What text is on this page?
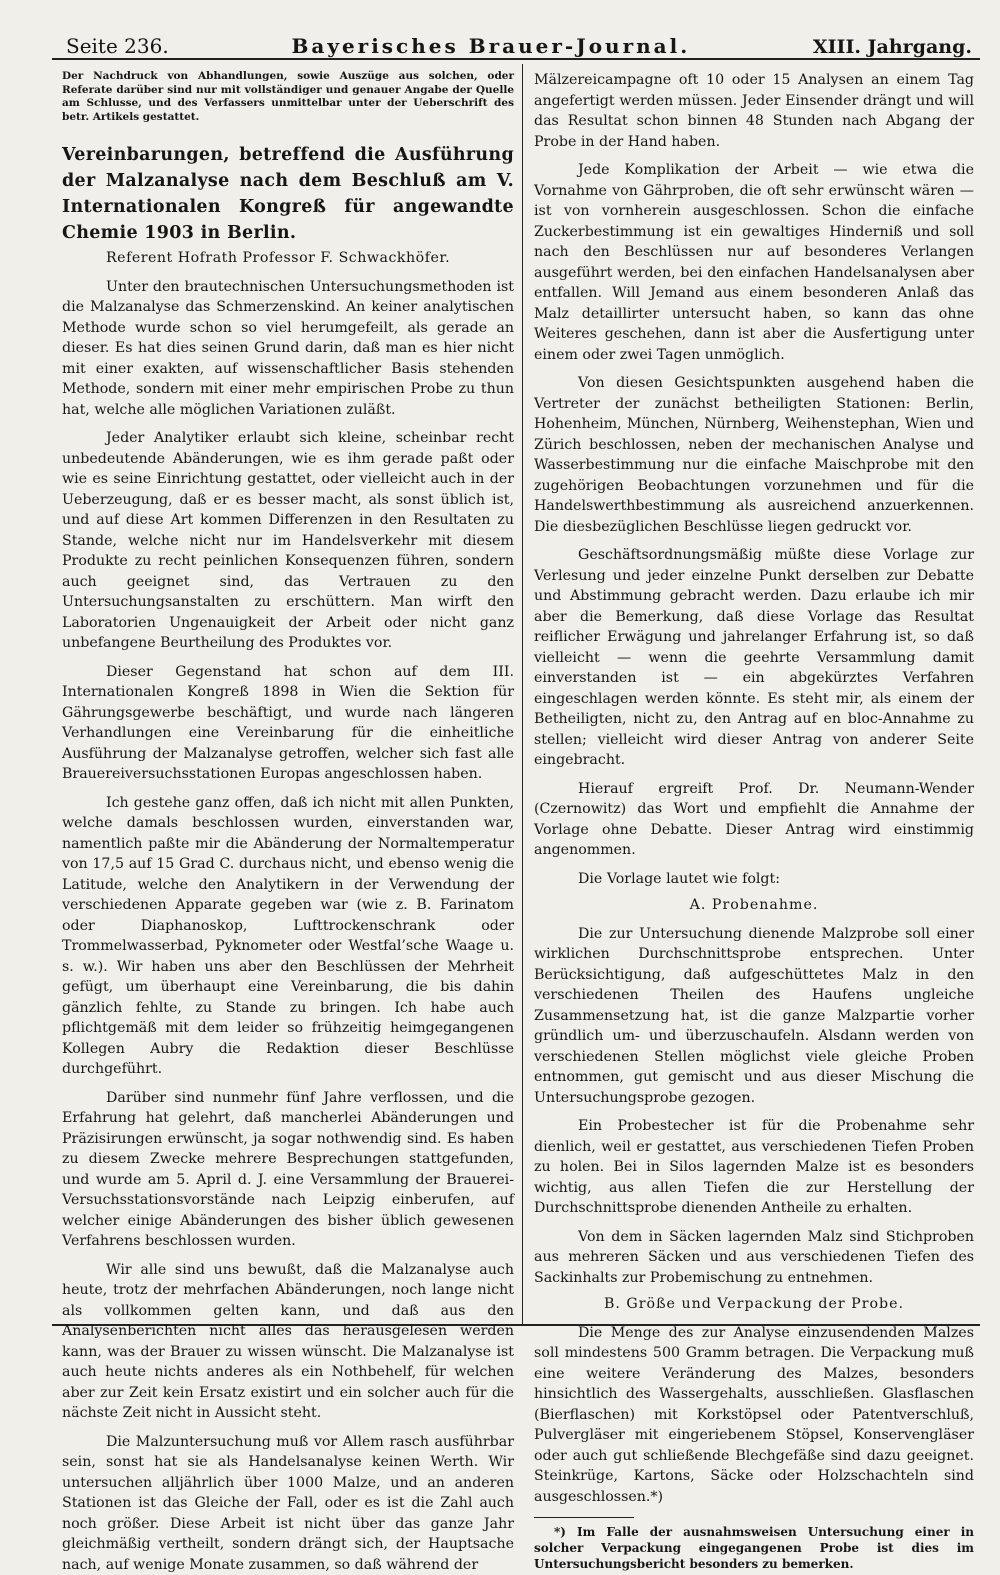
Seite 236.	Bayerisches Brauer-Journal.	XIII. Jahrgang.

Der Nachdruck von Abhandlungen, sowie Auszüge aus solchen, oder Referate darüber sind nur mit vollständiger und genauer Angabe der Quelle am Schlusse, und des Verfassers unmittelbar unter der Ueberschrift des betr. Artikels gestattet.

Vereinbarungen, betreffend die Ausführung der Malzanalyse nach dem Beschluß am V. Internationalen Kongreß für angewandte Chemie 1903 in Berlin.

Referent Hofrath Professor F. Schwackhöfer.

Unter den brautechnischen Untersuchungsmethoden ist die Malzanalyse das Schmerzenskind. An keiner analytischen Methode wurde schon so viel herumgefeilt, als gerade an dieser. Es hat dies seinen Grund darin, daß man es hier nicht mit einer exakten, auf wissenschaftlicher Basis stehenden Methode, sondern mit einer mehr empirischen Probe zu thun hat, welche alle möglichen Variationen zuläßt.

Jeder Analytiker erlaubt sich kleine, scheinbar recht unbedeutende Abänderungen, wie es ihm gerade paßt oder wie es seine Einrichtung gestattet, oder vielleicht auch in der Ueberzeugung, daß er es besser macht, als sonst üblich ist, und auf diese Art kommen Differenzen in den Resultaten zu Stande, welche nicht nur im Handelsverkehr mit diesem Produkte zu recht peinlichen Konsequenzen führen, sondern auch geeignet sind, das Vertrauen zu den Untersuchungsanstalten zu erschüttern. Man wirft den Laboratorien Ungenauigkeit der Arbeit oder nicht ganz unbefangene Beurtheilung des Produktes vor.

Dieser Gegenstand hat schon auf dem III. Internationalen Kongreß 1898 in Wien die Sektion für Gährungsgewerbe beschäftigt, und wurde nach längeren Verhandlungen eine Vereinbarung für die einheitliche Ausführung der Malzanalyse getroffen, welcher sich fast alle Brauereiversuchsstationen Europas angeschlossen haben.

Ich gestehe ganz offen, daß ich nicht mit allen Punkten, welche damals beschlossen wurden, einverstanden war, namentlich paßte mir die Abänderung der Normaltemperatur von 17,5 auf 15 Grad C. durchaus nicht, und ebenso wenig die Latitude, welche den Analytikern in der Verwendung der verschiedenen Apparate gegeben war (wie z. B. Farinatom oder Diaphanoskop, Lufttrockenschrank oder Trommelwasserbad, Pyknometer oder Westfal’sche Waage u. s. w.). Wir haben uns aber den Beschlüssen der Mehrheit gefügt, um überhaupt eine Vereinbarung, die bis dahin gänzlich fehlte, zu Stande zu bringen. Ich habe auch pflichtgemäß mit dem leider so frühzeitig heimgegangenen Kollegen Aubry die Redaktion dieser Beschlüsse durchgeführt.

Darüber sind nunmehr fünf Jahre verflossen, und die Erfahrung hat gelehrt, daß mancherlei Abänderungen und Präzisirungen erwünscht, ja sogar nothwendig sind. Es haben zu diesem Zwecke mehrere Besprechungen stattgefunden, und wurde am 5. April d. J. eine Versammlung der Brauerei-Versuchsstationsvorstände nach Leipzig einberufen, auf welcher einige Abänderungen des bisher üblich gewesenen Verfahrens beschlossen wurden.

Wir alle sind uns bewußt, daß die Malzanalyse auch heute, trotz der mehrfachen Abänderungen, noch lange nicht als vollkommen gelten kann, und daß aus den Analysenberichten nicht alles das herausgelesen werden kann, was der Brauer zu wissen wünscht. Die Malzanalyse ist auch heute nichts anderes als ein Nothbehelf, für welchen aber zur Zeit kein Ersatz existirt und ein solcher auch für die nächste Zeit nicht in Aussicht steht.

Die Malzuntersuchung muß vor Allem rasch ausführbar sein, sonst hat sie als Handelsanalyse keinen Werth. Wir untersuchen alljährlich über 1000 Malze, und an anderen Stationen ist das Gleiche der Fall, oder es ist die Zahl auch noch größer. Diese Arbeit ist nicht über das ganze Jahr gleichmäßig vertheilt, sondern drängt sich, der Hauptsache nach, auf wenige Monate zusammen, so daß während der

Mälzereicampagne oft 10 oder 15 Analysen an einem Tag angefertigt werden müssen. Jeder Einsender drängt und will das Resultat schon binnen 48 Stunden nach Abgang der Probe in der Hand haben.

Jede Komplikation der Arbeit — wie etwa die Vornahme von Gährproben, die oft sehr erwünscht wären — ist von vornherein ausgeschlossen. Schon die einfache Zuckerbestimmung ist ein gewaltiges Hinderniß und soll nach den Beschlüssen nur auf besonderes Verlangen ausgeführt werden, bei den einfachen Handelsanalysen aber entfallen. Will Jemand aus einem besonderen Anlaß das Malz detaillirter untersucht haben, so kann das ohne Weiteres geschehen, dann ist aber die Ausfertigung unter einem oder zwei Tagen unmöglich.

Von diesen Gesichtspunkten ausgehend haben die Vertreter der zunächst betheiligten Stationen: Berlin, Hohenheim, München, Nürnberg, Weihenstephan, Wien und Zürich beschlossen, neben der mechanischen Analyse und Wasserbestimmung nur die einfache Maischprobe mit den zugehörigen Beobachtungen vorzunehmen und für die Handelswerthbestimmung als ausreichend anzuerkennen. Die diesbezüglichen Beschlüsse liegen gedruckt vor.

Geschäftsordnungsmäßig müßte diese Vorlage zur Verlesung und jeder einzelne Punkt derselben zur Debatte und Abstimmung gebracht werden. Dazu erlaube ich mir aber die Bemerkung, daß diese Vorlage das Resultat reiflicher Erwägung und jahrelanger Erfahrung ist, so daß vielleicht — wenn die geehrte Versammlung damit einverstanden ist — ein abgekürztes Verfahren eingeschlagen werden könnte. Es steht mir, als einem der Betheiligten, nicht zu, den Antrag auf en bloc-Annahme zu stellen; vielleicht wird dieser Antrag von anderer Seite eingebracht.

Hierauf ergreift Prof. Dr. Neumann-Wender (Czernowitz) das Wort und empfiehlt die Annahme der Vorlage ohne Debatte. Dieser Antrag wird einstimmig angenommen.

Die Vorlage lautet wie folgt:

A. Probenahme.

Die zur Untersuchung dienende Malzprobe soll einer wirklichen Durchschnittsprobe entsprechen. Unter Berücksichtigung, daß aufgeschüttetes Malz in den verschiedenen Theilen des Haufens ungleiche Zusammensetzung hat, ist die ganze Malzpartie vorher gründlich um- und überzuschaufeln. Alsdann werden von verschiedenen Stellen möglichst viele gleiche Proben entnommen, gut gemischt und aus dieser Mischung die Untersuchungsprobe gezogen.

Ein Probestecher ist für die Probenahme sehr dienlich, weil er gestattet, aus verschiedenen Tiefen Proben zu holen. Bei in Silos lagernden Malze ist es besonders wichtig, aus allen Tiefen die zur Herstellung der Durchschnittsprobe dienenden Antheile zu erhalten.

Von dem in Säcken lagernden Malz sind Stichproben aus mehreren Säcken und aus verschiedenen Tiefen des Sackinhalts zur Probemischung zu entnehmen.

B. Größe und Verpackung der Probe.

Die Menge des zur Analyse einzusendenden Malzes soll mindestens 500 Gramm betragen. Die Verpackung muß eine weitere Veränderung des Malzes, besonders hinsichtlich des Wassergehalts, ausschließen. Glasflaschen (Bierflaschen) mit Korkstöpsel oder Patentverschluß, Pulvergläser mit eingeriebenem Stöpsel, Konservengläser oder auch gut schließende Blechgefäße sind dazu geeignet. Steinkrüge, Kartons, Säcke oder Holzschachteln sind ausgeschlossen.*)

*) Im Falle der ausnahmsweisen Untersuchung einer in solcher Verpackung eingegangenen Probe ist dies im Untersuchungsbericht besonders zu bemerken.
